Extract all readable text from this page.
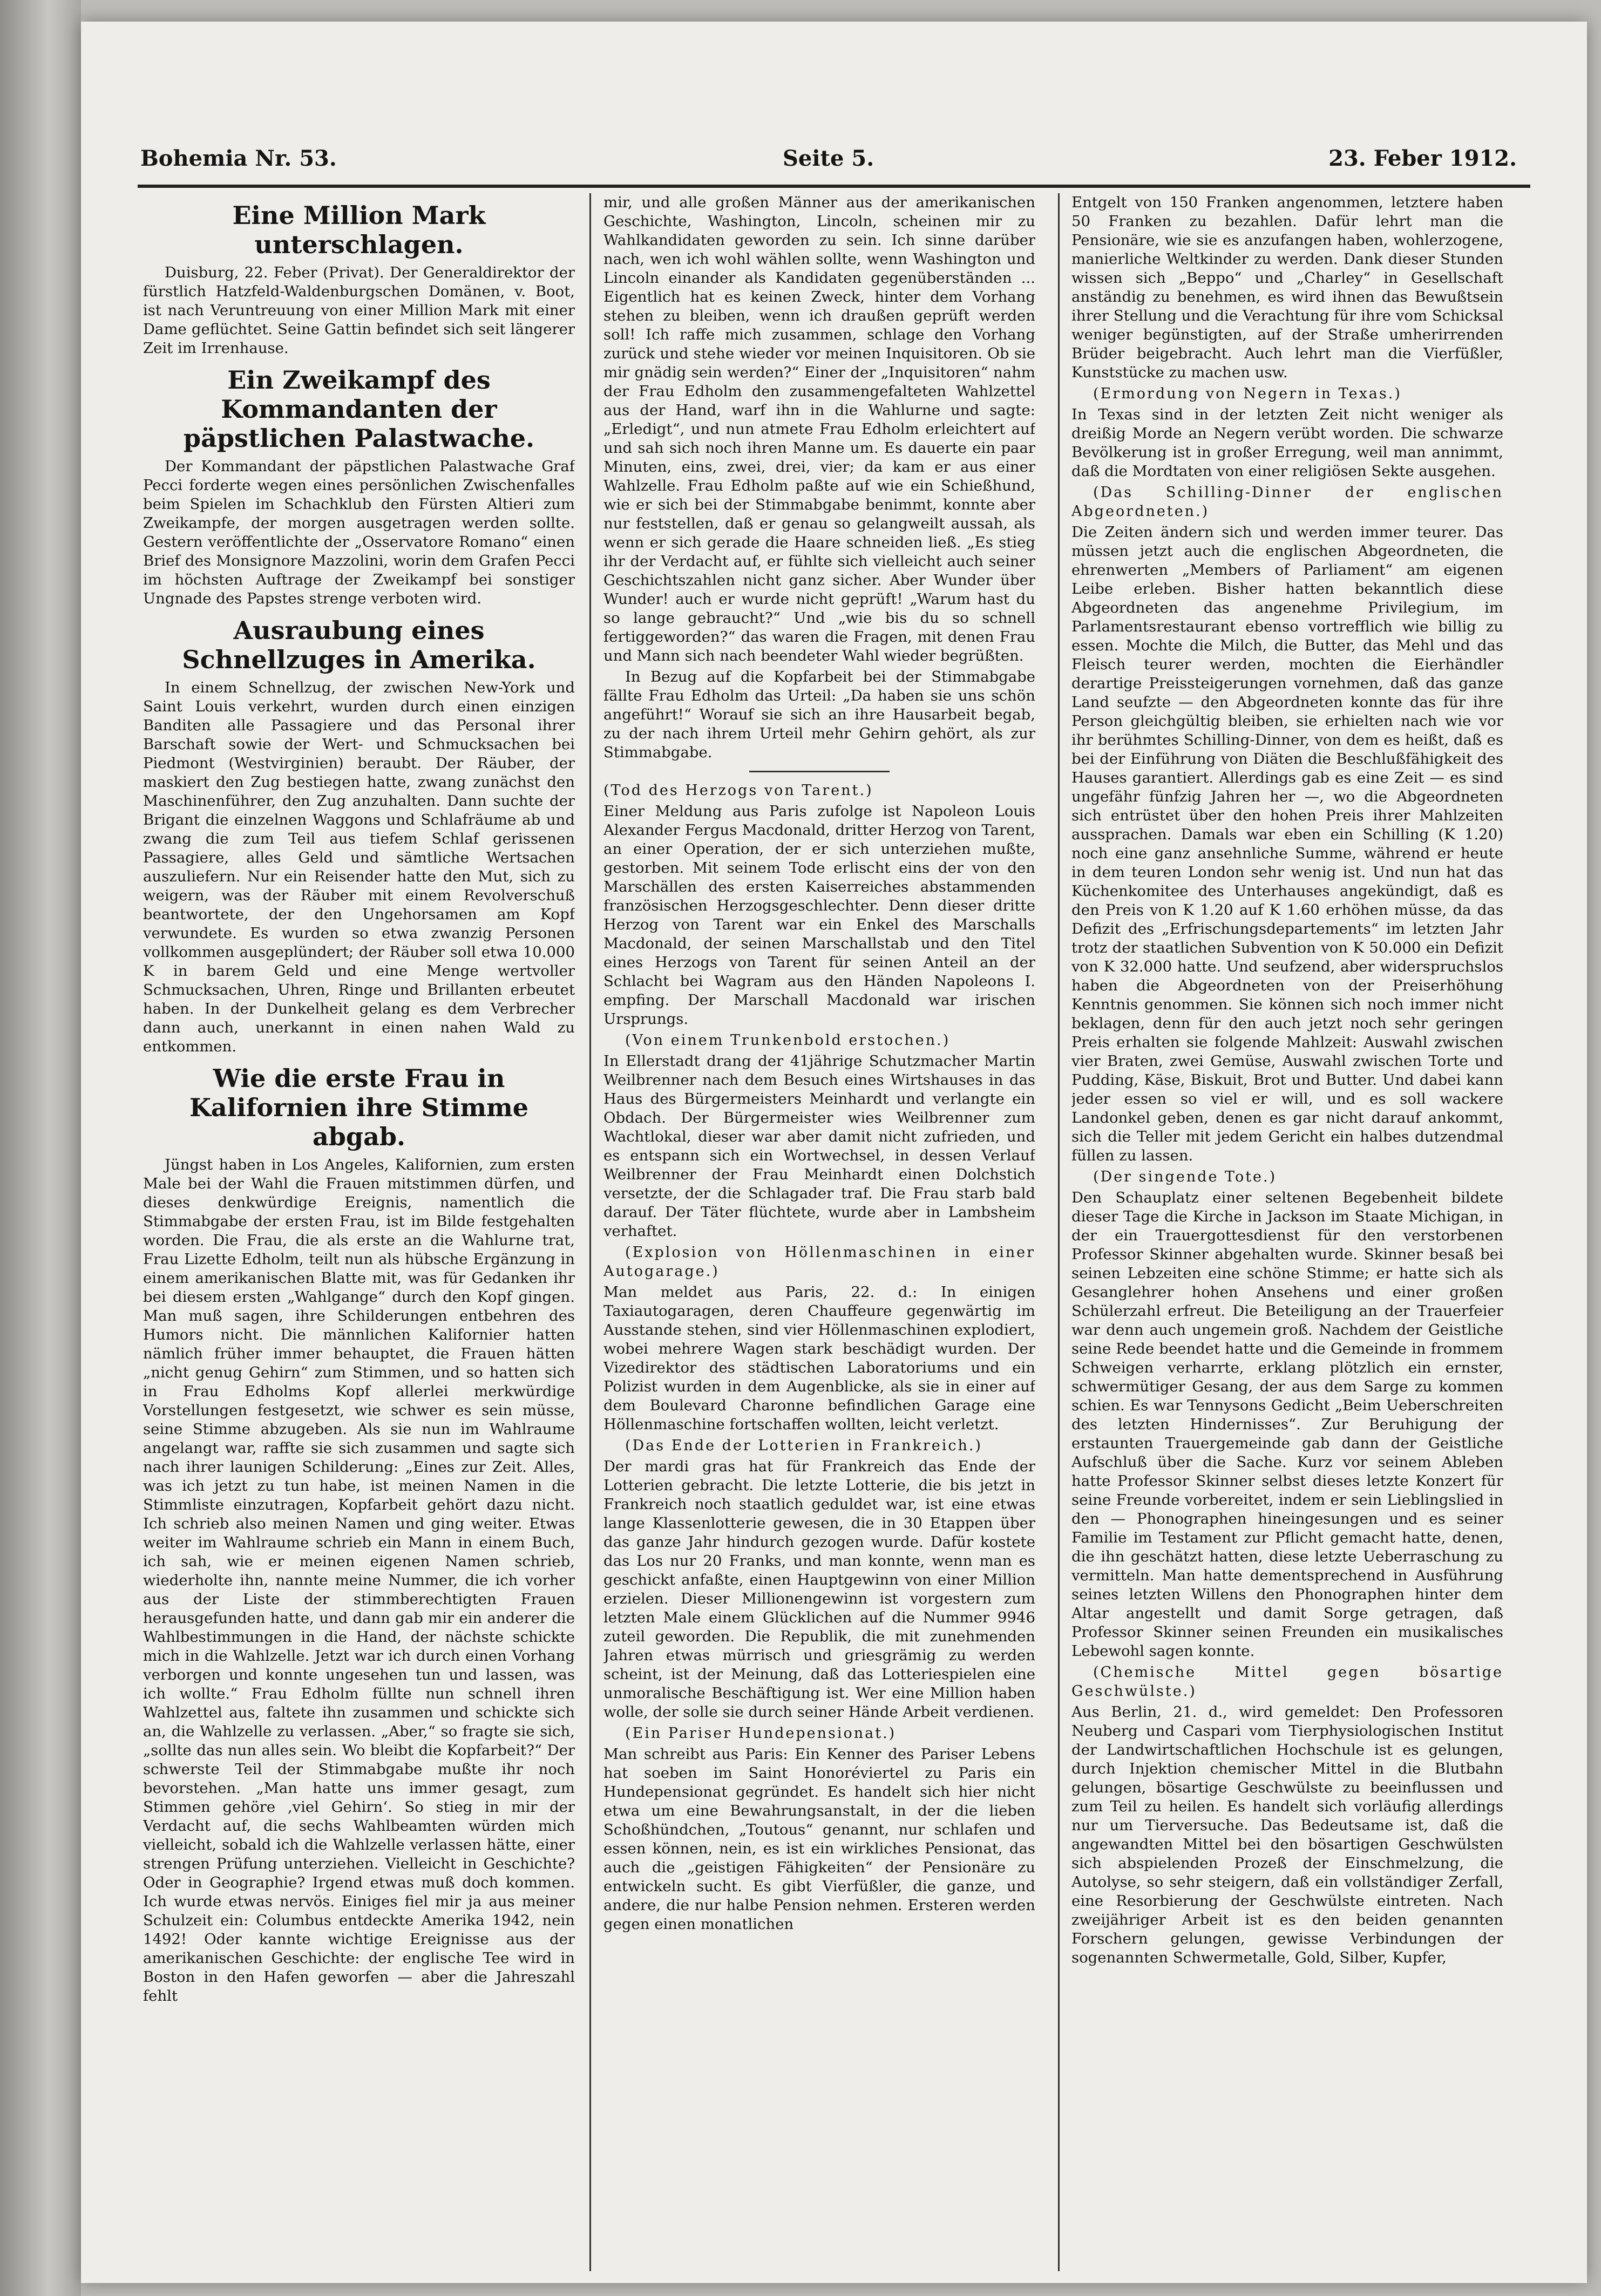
Bohemia Nr. 53.	Seite 5.	23. Feber 1912.
Eine Million Mark unterschlagen.

Duisburg, 22. Feber (Privat). Der Generaldirektor der fürstlich Hatzfeld-Waldenburgschen Domänen, v. Boot, ist nach Veruntreuung von einer Million Mark mit einer Dame geflüchtet. Seine Gattin befindet sich seit längerer Zeit im Irrenhause.

Ein Zweikampf des Kommandanten der päpstlichen Palastwache.

Der Kommandant der päpstlichen Palastwache Graf Pecci forderte wegen eines persönlichen Zwischenfalles beim Spielen im Schachklub den Fürsten Altieri zum Zweikampfe, der morgen ausgetragen werden sollte. Gestern veröffentlichte der „Osservatore Romano“ einen Brief des Monsignore Mazzolini, worin dem Grafen Pecci im höchsten Auftrage der Zweikampf bei sonstiger Ungnade des Papstes strenge verboten wird.

Ausraubung eines Schnellzuges in Amerika.

In einem Schnellzug, der zwischen New-York und Saint Louis verkehrt, wurden durch einen einzigen Banditen alle Passagiere und das Personal ihrer Barschaft sowie der Wert- und Schmucksachen bei Piedmont (Westvirginien) beraubt. Der Räuber, der maskiert den Zug bestiegen hatte, zwang zunächst den Maschinenführer, den Zug anzuhalten. Dann suchte der Brigant die einzelnen Waggons und Schlafräume ab und zwang die zum Teil aus tiefem Schlaf gerissenen Passagiere, alles Geld und sämtliche Wertsachen auszuliefern. Nur ein Reisender hatte den Mut, sich zu weigern, was der Räuber mit einem Revolverschuß beantwortete, der den Ungehorsamen am Kopf verwundete. Es wurden so etwa zwanzig Personen vollkommen ausgeplündert; der Räuber soll etwa 10.000 K in barem Geld und eine Menge wertvoller Schmucksachen, Uhren, Ringe und Brillanten erbeutet haben. In der Dunkelheit gelang es dem Verbrecher dann auch, unerkannt in einen nahen Wald zu entkommen.

Wie die erste Frau in Kalifornien ihre Stimme abgab.

Jüngst haben in Los Angeles, Kalifornien, zum ersten Male bei der Wahl die Frauen mitstimmen dürfen, und dieses denkwürdige Ereignis, namentlich die Stimmabgabe der ersten Frau, ist im Bilde festgehalten worden. Die Frau, die als erste an die Wahlurne trat, Frau Lizette Edholm, teilt nun als hübsche Ergänzung in einem amerikanischen Blatte mit, was für Gedanken ihr bei diesem ersten „Wahlgange“ durch den Kopf gingen. Man muß sagen, ihre Schilderungen entbehren des Humors nicht. Die männlichen Kalifornier hatten nämlich früher immer behauptet, die Frauen hätten „nicht genug Gehirn“ zum Stimmen, und so hatten sich in Frau Edholms Kopf allerlei merkwürdige Vorstellungen festgesetzt, wie schwer es sein müsse, seine Stimme abzugeben. Als sie nun im Wahlraume angelangt war, raffte sie sich zusammen und sagte sich nach ihrer launigen Schilderung: „Eines zur Zeit. Alles, was ich jetzt zu tun habe, ist meinen Namen in die Stimmliste einzutragen, Kopfarbeit gehört dazu nicht. Ich schrieb also meinen Namen und ging weiter. Etwas weiter im Wahlraume schrieb ein Mann in einem Buch, ich sah, wie er meinen eigenen Namen schrieb, wiederholte ihn, nannte meine Nummer, die ich vorher aus der Liste der stimmberechtigten Frauen herausgefunden hatte, und dann gab mir ein anderer die Wahlbestimmungen in die Hand, der nächste schickte mich in die Wahlzelle. Jetzt war ich durch einen Vorhang verborgen und konnte ungesehen tun und lassen, was ich wollte.“ Frau Edholm füllte nun schnell ihren Wahlzettel aus, faltete ihn zusammen und schickte sich an, die Wahlzelle zu verlassen. „Aber,“ so fragte sie sich, „sollte das nun alles sein. Wo bleibt die Kopfarbeit?“ Der schwerste Teil der Stimmabgabe mußte ihr noch bevorstehen. „Man hatte uns immer gesagt, zum Stimmen gehöre ‚viel Gehirn‘. So stieg in mir der Verdacht auf, die sechs Wahlbeamten würden mich vielleicht, sobald ich die Wahlzelle verlassen hätte, einer strengen Prüfung unterziehen. Vielleicht in Geschichte? Oder in Geographie? Irgend etwas muß doch kommen. Ich wurde etwas nervös. Einiges fiel mir ja aus meiner Schulzeit ein: Columbus entdeckte Amerika 1942, nein 1492! Oder kannte wichtige Ereignisse aus der amerikanischen Geschichte: der englische Tee wird in Boston in den Hafen geworfen — aber die Jahreszahl fehlt

mir, und alle großen Männer aus der amerikanischen Geschichte, Washington, Lincoln, scheinen mir zu Wahlkandidaten geworden zu sein. Ich sinne darüber nach, wen ich wohl wählen sollte, wenn Washington und Lincoln einander als Kandidaten gegenüberständen ... Eigentlich hat es keinen Zweck, hinter dem Vorhang stehen zu bleiben, wenn ich draußen geprüft werden soll! Ich raffe mich zusammen, schlage den Vorhang zurück und stehe wieder vor meinen Inquisitoren. Ob sie mir gnädig sein werden?“ Einer der „Inquisitoren“ nahm der Frau Edholm den zusammengefalteten Wahlzettel aus der Hand, warf ihn in die Wahlurne und sagte: „Erledigt“, und nun atmete Frau Edholm erleichtert auf und sah sich noch ihren Manne um. Es dauerte ein paar Minuten, eins, zwei, drei, vier; da kam er aus einer Wahlzelle. Frau Edholm paßte auf wie ein Schießhund, wie er sich bei der Stimmabgabe benimmt, konnte aber nur feststellen, daß er genau so gelangweilt aussah, als wenn er sich gerade die Haare schneiden ließ. „Es stieg ihr der Verdacht auf, er fühlte sich vielleicht auch seiner Geschichtszahlen nicht ganz sicher. Aber Wunder über Wunder! auch er wurde nicht geprüft! „Warum hast du so lange gebraucht?“ Und „wie bis du so schnell fertiggeworden?“ das waren die Fragen, mit denen Frau und Mann sich nach beendeter Wahl wieder begrüßten.

In Bezug auf die Kopfarbeit bei der Stimmabgabe fällte Frau Edholm das Urteil: „Da haben sie uns schön angeführt!“ Worauf sie sich an ihre Hausarbeit begab, zu der nach ihrem Urteil mehr Gehirn gehört, als zur Stimmabgabe.

(Tod des Herzogs von Tarent.)

Einer Meldung aus Paris zufolge ist Napoleon Louis Alexander Fergus Macdonald, dritter Herzog von Tarent, an einer Operation, der er sich unterziehen mußte, gestorben. Mit seinem Tode erlischt eins der von den Marschällen des ersten Kaiserreiches abstammenden französischen Herzogsgeschlechter. Denn dieser dritte Herzog von Tarent war ein Enkel des Marschalls Macdonald, der seinen Marschallstab und den Titel eines Herzogs von Tarent für seinen Anteil an der Schlacht bei Wagram aus den Händen Napoleons I. empfing. Der Marschall Macdonald war irischen Ursprungs.

(Von einem Trunkenbold erstochen.)

In Ellerstadt drang der 41jährige Schutzmacher Martin Weilbrenner nach dem Besuch eines Wirtshauses in das Haus des Bürgermeisters Meinhardt und verlangte ein Obdach. Der Bürgermeister wies Weilbrenner zum Wachtlokal, dieser war aber damit nicht zufrieden, und es entspann sich ein Wortwechsel, in dessen Verlauf Weilbrenner der Frau Meinhardt einen Dolchstich versetzte, der die Schlagader traf. Die Frau starb bald darauf. Der Täter flüchtete, wurde aber in Lambsheim verhaftet.

(Explosion von Höllenmaschinen in einer Autogarage.)

Man meldet aus Paris, 22. d.: In einigen Taxiautogaragen, deren Chauffeure gegenwärtig im Ausstande stehen, sind vier Höllenmaschinen explodiert, wobei mehrere Wagen stark beschädigt wurden. Der Vizedirektor des städtischen Laboratoriums und ein Polizist wurden in dem Augenblicke, als sie in einer auf dem Boulevard Charonne befindlichen Garage eine Höllenmaschine fortschaffen wollten, leicht verletzt.

(Das Ende der Lotterien in Frankreich.)

Der mardi gras hat für Frankreich das Ende der Lotterien gebracht. Die letzte Lotterie, die bis jetzt in Frankreich noch staatlich geduldet war, ist eine etwas lange Klassenlotterie gewesen, die in 30 Etappen über das ganze Jahr hindurch gezogen wurde. Dafür kostete das Los nur 20 Franks, und man konnte, wenn man es geschickt anfaßte, einen Hauptgewinn von einer Million erzielen. Dieser Millionengewinn ist vorgestern zum letzten Male einem Glücklichen auf die Nummer 9946 zuteil geworden. Die Republik, die mit zunehmenden Jahren etwas mürrisch und griesgrämig zu werden scheint, ist der Meinung, daß das Lotteriespielen eine unmoralische Beschäftigung ist. Wer eine Million haben wolle, der solle sie durch seiner Hände Arbeit verdienen.

(Ein Pariser Hundepensionat.)

Man schreibt aus Paris: Ein Kenner des Pariser Lebens hat soeben im Saint Honoréviertel zu Paris ein Hundepensionat gegründet. Es handelt sich hier nicht etwa um eine Bewahrungsanstalt, in der die lieben Schoßhündchen, „Toutous“ genannt, nur schlafen und essen können, nein, es ist ein wirkliches Pensionat, das auch die „geistigen Fähigkeiten“ der Pensionäre zu entwickeln sucht. Es gibt Vierfüßler, die ganze, und andere, die nur halbe Pension nehmen. Ersteren werden gegen einen monatlichen

Entgelt von 150 Franken angenommen, letztere haben 50 Franken zu bezahlen. Dafür lehrt man die Pensionäre, wie sie es anzufangen haben, wohlerzogene, manierliche Weltkinder zu werden. Dank dieser Stunden wissen sich „Beppo“ und „Charley“ in Gesellschaft anständig zu benehmen, es wird ihnen das Bewußtsein ihrer Stellung und die Verachtung für ihre vom Schicksal weniger begünstigten, auf der Straße umherirrenden Brüder beigebracht. Auch lehrt man die Vierfüßler, Kunststücke zu machen usw.

(Ermordung von Negern in Texas.)

In Texas sind in der letzten Zeit nicht weniger als dreißig Morde an Negern verübt worden. Die schwarze Bevölkerung ist in großer Erregung, weil man annimmt, daß die Mordtaten von einer religiösen Sekte ausgehen.

(Das Schilling-Dinner der englischen Abgeordneten.)

Die Zeiten ändern sich und werden immer teurer. Das müssen jetzt auch die englischen Abgeordneten, die ehrenwerten „Members of Parliament“ am eigenen Leibe erleben. Bisher hatten bekanntlich diese Abgeordneten das angenehme Privilegium, im Parlamentsrestaurant ebenso vortrefflich wie billig zu essen. Mochte die Milch, die Butter, das Mehl und das Fleisch teurer werden, mochten die Eierhändler derartige Preissteigerungen vornehmen, daß das ganze Land seufzte — den Abgeordneten konnte das für ihre Person gleichgültig bleiben, sie erhielten nach wie vor ihr berühmtes Schilling-Dinner, von dem es heißt, daß es bei der Einführung von Diäten die Beschlußfähigkeit des Hauses garantiert. Allerdings gab es eine Zeit — es sind ungefähr fünfzig Jahren her —, wo die Abgeordneten sich entrüstet über den hohen Preis ihrer Mahlzeiten aussprachen. Damals war eben ein Schilling (K 1.20) noch eine ganz ansehnliche Summe, während er heute in dem teuren London sehr wenig ist. Und nun hat das Küchenkomitee des Unterhauses angekündigt, daß es den Preis von K 1.20 auf K 1.60 erhöhen müsse, da das Defizit des „Erfrischungsdepartements“ im letzten Jahr trotz der staatlichen Subvention von K 50.000 ein Defizit von K 32.000 hatte. Und seufzend, aber widerspruchslos haben die Abgeordneten von der Preiserhöhung Kenntnis genommen. Sie können sich noch immer nicht beklagen, denn für den auch jetzt noch sehr geringen Preis erhalten sie folgende Mahlzeit: Auswahl zwischen vier Braten, zwei Gemüse, Auswahl zwischen Torte und Pudding, Käse, Biskuit, Brot und Butter. Und dabei kann jeder essen so viel er will, und es soll wackere Landonkel geben, denen es gar nicht darauf ankommt, sich die Teller mit jedem Gericht ein halbes dutzendmal füllen zu lassen.

(Der singende Tote.)

Den Schauplatz einer seltenen Begebenheit bildete dieser Tage die Kirche in Jackson im Staate Michigan, in der ein Trauergottesdienst für den verstorbenen Professor Skinner abgehalten wurde. Skinner besaß bei seinen Lebzeiten eine schöne Stimme; er hatte sich als Gesanglehrer hohen Ansehens und einer großen Schülerzahl erfreut. Die Beteiligung an der Trauerfeier war denn auch ungemein groß. Nachdem der Geistliche seine Rede beendet hatte und die Gemeinde in frommem Schweigen verharrte, erklang plötzlich ein ernster, schwermütiger Gesang, der aus dem Sarge zu kommen schien. Es war Tennysons Gedicht „Beim Ueberschreiten des letzten Hindernisses“. Zur Beruhigung der erstaunten Trauergemeinde gab dann der Geistliche Aufschluß über die Sache. Kurz vor seinem Ableben hatte Professor Skinner selbst dieses letzte Konzert für seine Freunde vorbereitet, indem er sein Lieblingslied in den — Phonographen hineingesungen und es seiner Familie im Testament zur Pflicht gemacht hatte, denen, die ihn geschätzt hatten, diese letzte Ueberraschung zu vermitteln. Man hatte dementsprechend in Ausführung seines letzten Willens den Phonographen hinter dem Altar angestellt und damit Sorge getragen, daß Professor Skinner seinen Freunden ein musikalisches Lebewohl sagen konnte.

(Chemische Mittel gegen bösartige Geschwülste.)

Aus Berlin, 21. d., wird gemeldet: Den Professoren Neuberg und Caspari vom Tierphysiologischen Institut der Landwirtschaftlichen Hochschule ist es gelungen, durch Injektion chemischer Mittel in die Blutbahn gelungen, bösartige Geschwülste zu beeinflussen und zum Teil zu heilen. Es handelt sich vorläufig allerdings nur um Tierversuche. Das Bedeutsame ist, daß die angewandten Mittel bei den bösartigen Geschwülsten sich abspielenden Prozeß der Einschmelzung, die Autolyse, so sehr steigern, daß ein vollständiger Zerfall, eine Resorbierung der Geschwülste eintreten. Nach zweijähriger Arbeit ist es den beiden genannten Forschern gelungen, gewisse Verbindungen der sogenannten Schwermetalle, Gold, Silber, Kupfer,
